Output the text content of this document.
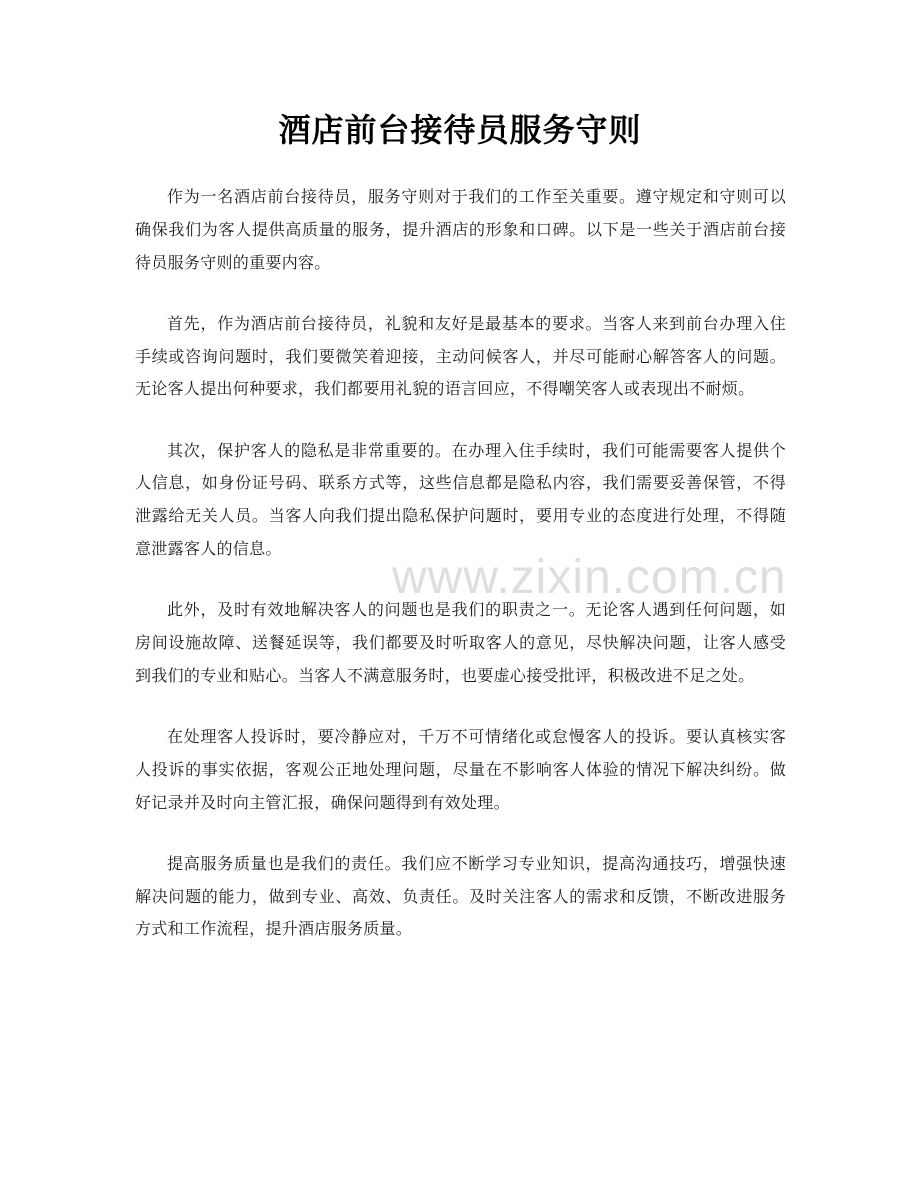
酒店前台接待员服务守则

作为一名酒店前台接待员，服务守则对于我们的工作至关重要。遵守规定和守则可以确保我们为客人提供高质量的服务，提升酒店的形象和口碑。以下是一些关于酒店前台接待员服务守则的重要内容。

首先，作为酒店前台接待员，礼貌和友好是最基本的要求。当客人来到前台办理入住手续或咨询问题时，我们要微笑着迎接，主动问候客人，并尽可能耐心解答客人的问题。无论客人提出何种要求，我们都要用礼貌的语言回应，不得嘲笑客人或表现出不耐烦。

其次，保护客人的隐私是非常重要的。在办理入住手续时，我们可能需要客人提供个人信息，如身份证号码、联系方式等，这些信息都是隐私内容，我们需要妥善保管，不得泄露给无关人员。当客人向我们提出隐私保护问题时，要用专业的态度进行处理，不得随意泄露客人的信息。

此外，及时有效地解决客人的问题也是我们的职责之一。无论客人遇到任何问题，如房间设施故障、送餐延误等，我们都要及时听取客人的意见，尽快解决问题，让客人感受到我们的专业和贴心。当客人不满意服务时，也要虚心接受批评，积极改进不足之处。

在处理客人投诉时，要冷静应对，千万不可情绪化或怠慢客人的投诉。要认真核实客人投诉的事实依据，客观公正地处理问题，尽量在不影响客人体验的情况下解决纠纷。做好记录并及时向主管汇报，确保问题得到有效处理。

提高服务质量也是我们的责任。我们应不断学习专业知识，提高沟通技巧，增强快速解决问题的能力，做到专业、高效、负责任。及时关注客人的需求和反馈，不断改进服务方式和工作流程，提升酒店服务质量。

www.zixin.com.cn
